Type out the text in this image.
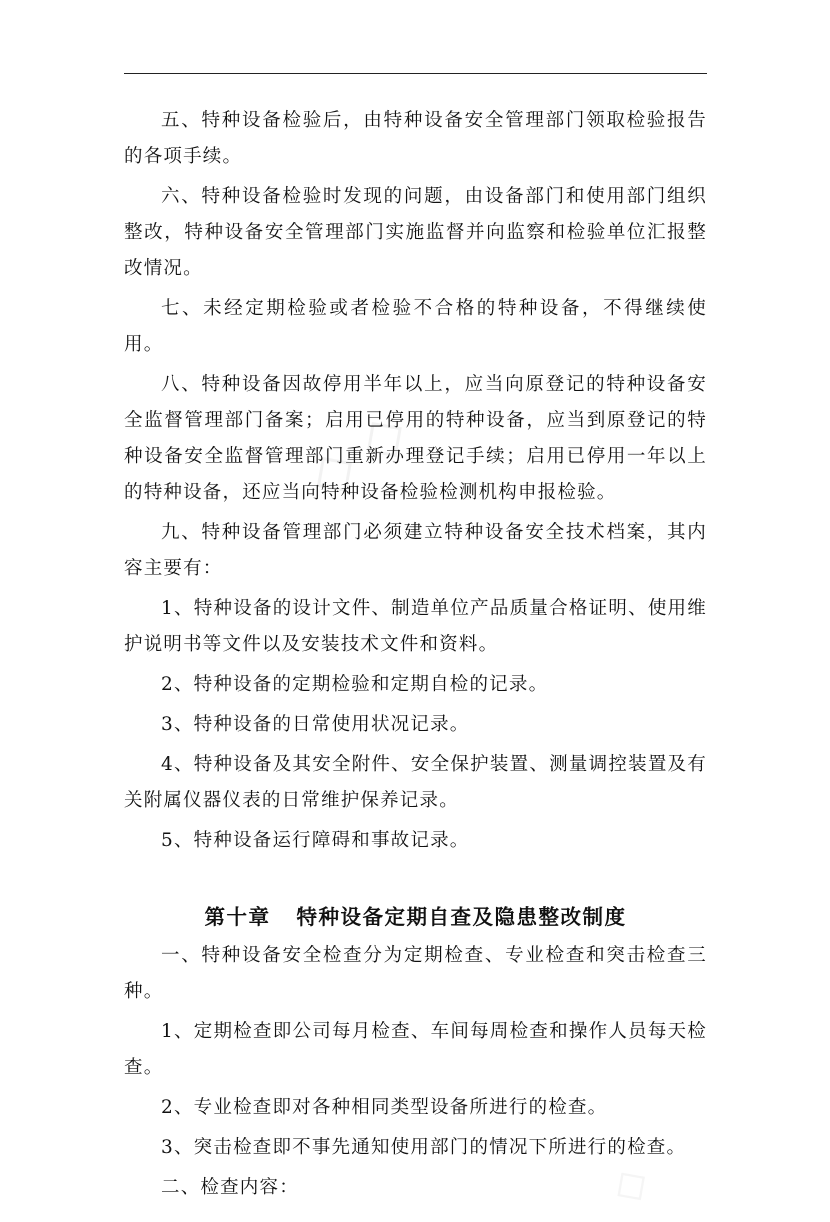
◇ ◇
◇

五、特种设备检验后，由特种设备安全管理部门领取检验报告的各项手续。

六、特种设备检验时发现的问题，由设备部门和使用部门组织整改，特种设备安全管理部门实施监督并向监察和检验单位汇报整改情况。

七、未经定期检验或者检验不合格的特种设备，不得继续使用。

八、特种设备因故停用半年以上，应当向原登记的特种设备安全监督管理部门备案；启用已停用的特种设备，应当到原登记的特种设备安全监督管理部门重新办理登记手续；启用已停用一年以上的特种设备，还应当向特种设备检验检测机构申报检验。

九、特种设备管理部门必须建立特种设备安全技术档案，其内容主要有：

1、特种设备的设计文件、制造单位产品质量合格证明、使用维护说明书等文件以及安装技术文件和资料。

2、特种设备的定期检验和定期自检的记录。

3、特种设备的日常使用状况记录。

4、特种设备及其安全附件、安全保护装置、测量调控装置及有关附属仪器仪表的日常维护保养记录。

5、特种设备运行障碍和事故记录。

第十章 特种设备定期自查及隐患整改制度

一、特种设备安全检查分为定期检查、专业检查和突击检查三种。

1、定期检查即公司每月检查、车间每周检查和操作人员每天检查。

2、专业检查即对各种相同类型设备所进行的检查。

3、突击检查即不事先通知使用部门的情况下所进行的检查。

二、检查内容：
